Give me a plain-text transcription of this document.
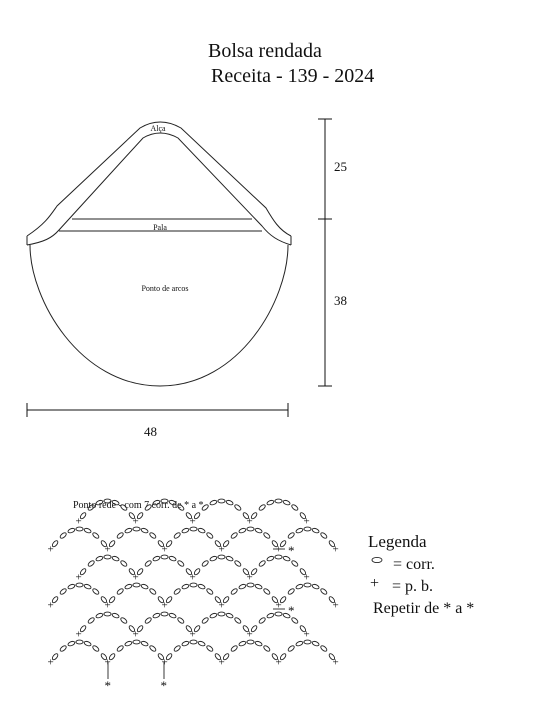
Bolsa rendada
Receita - 139 - 2024
Alça
Pala
Ponto de arcos
25
38
48
Ponto rede - com 7 corr. de * a *
+	+	+	+	+	+
+	+	+	+	+	+
+	+	+	+	+	+
+	+	+	+	+
+	+	+	+	+
+	+	+	+	+
*
*
*	*
Legenda
= corr.
+ = p. b.
Repetir de * a *
